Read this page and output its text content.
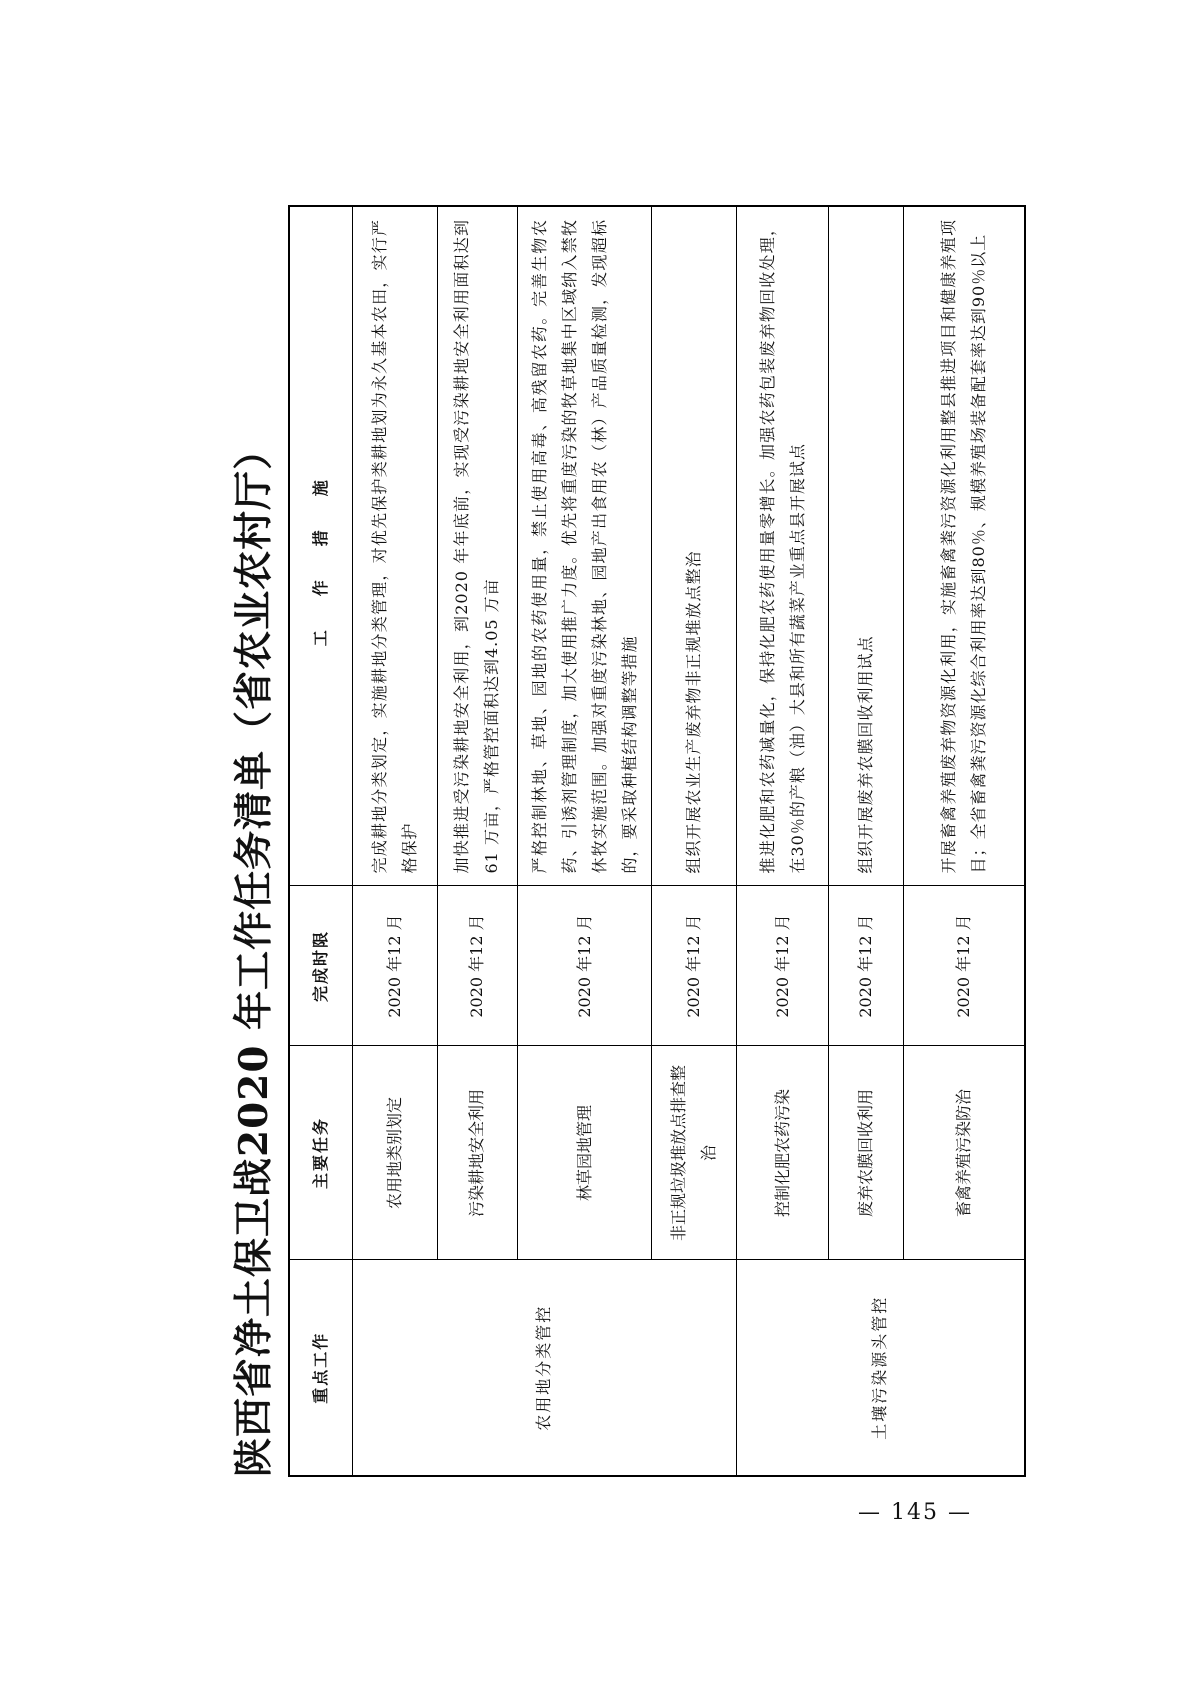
陕西省净土保卫战2020 年工作任务清单（省农业农村厅）	重点工作	主要任务	完成时限	工作措施
农用地分类管控	农用地类别划定	2020 年12 月	完成耕地分类划定，实施耕地分类管理，对优先保护类耕地划为永久基本农田，实行严格保护
	污染耕地安全利用	2020 年12 月	加快推进受污染耕地安全利用，到2020 年年底前，实现受污染耕地安全利用面积达到61 万亩，严格管控面积达到4.05 万亩
	林草园地管理	2020 年12 月	严格控制林地、草地、园地的农药使用量，禁止使用高毒、高残留农药。完善生物农药、引诱剂管理制度，加大使用推广力度。优先将重度污染的牧草地集中区域纳入禁牧休牧实施范围。加强对重度污染林地、园地产出食用农（林）产品质量检测，发现超标的，要采取种植结构调整等措施
	非正规垃圾堆放点排查整治	2020 年12 月	组织开展农业生产废弃物非正规堆放点整治
土壤污染源头管控	控制化肥农药污染	2020 年12 月	推进化肥和农药减量化，保持化肥农药使用量零增长。加强农药包装废弃物回收处理，在30％的产粮（油）大县和所有蔬菜产业重点县开展试点
	废弃农膜回收利用	2020 年12 月	组织开展废弃农膜回收利用试点
	畜禽养殖污染防治	2020 年12 月	开展畜禽养殖废弃物资源化利用，实施畜禽粪污资源化利用整县推进项目和健康养殖项目；全省畜禽粪污资源化综合利用率达到80％、规模养殖场装备配套率达到90％以上
— 145 —
